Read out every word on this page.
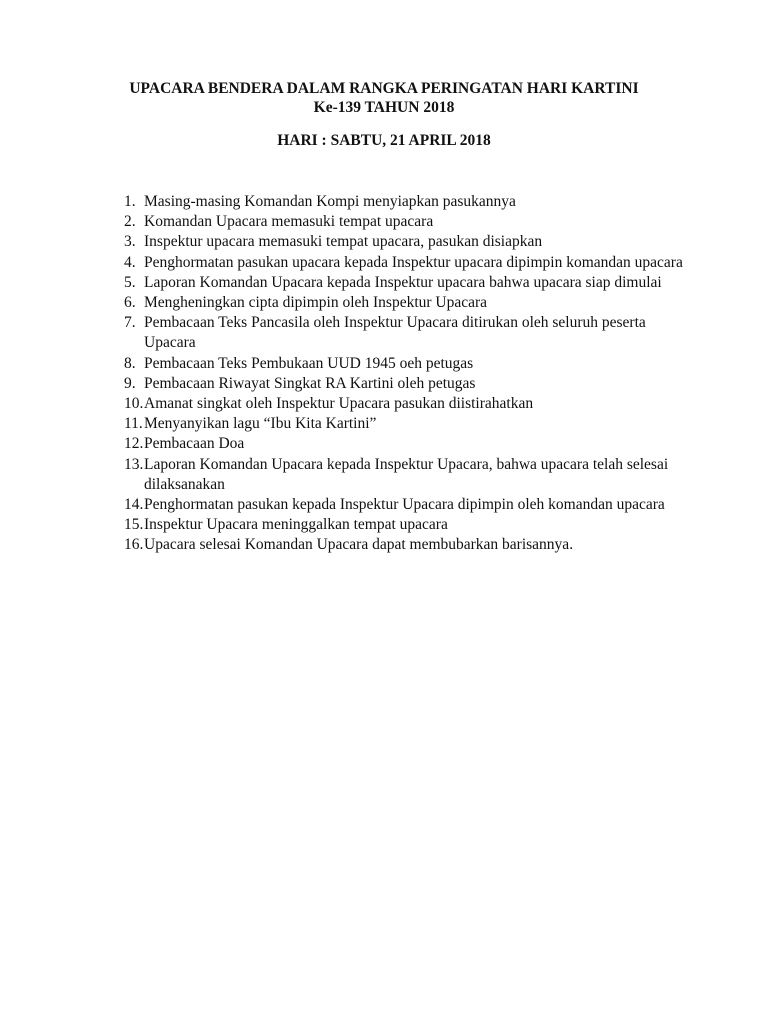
UPACARA BENDERA DALAM RANGKA PERINGATAN HARI KARTINI
Ke-139 TAHUN 2018
HARI : SABTU, 21 APRIL 2018
1. Masing-masing Komandan Kompi menyiapkan pasukannya
2. Komandan Upacara memasuki tempat upacara
3. Inspektur upacara memasuki tempat upacara, pasukan disiapkan
4. Penghormatan pasukan upacara kepada Inspektur upacara dipimpin komandan upacara
5. Laporan Komandan Upacara kepada Inspektur upacara bahwa upacara siap dimulai
6. Mengheningkan cipta dipimpin oleh Inspektur Upacara
7. Pembacaan Teks Pancasila oleh Inspektur Upacara ditirukan oleh seluruh peserta Upacara
8. Pembacaan Teks Pembukaan UUD 1945 oeh petugas
9. Pembacaan Riwayat Singkat RA Kartini oleh petugas
10. Amanat singkat oleh Inspektur Upacara pasukan diistirahatkan
11. Menyanyikan lagu “Ibu Kita Kartini”
12. Pembacaan Doa
13. Laporan Komandan Upacara kepada Inspektur Upacara, bahwa upacara telah selesai dilaksanakan
14. Penghormatan pasukan kepada Inspektur Upacara dipimpin oleh komandan upacara
15. Inspektur Upacara meninggalkan tempat upacara
16. Upacara selesai Komandan Upacara dapat membubarkan barisannya.
